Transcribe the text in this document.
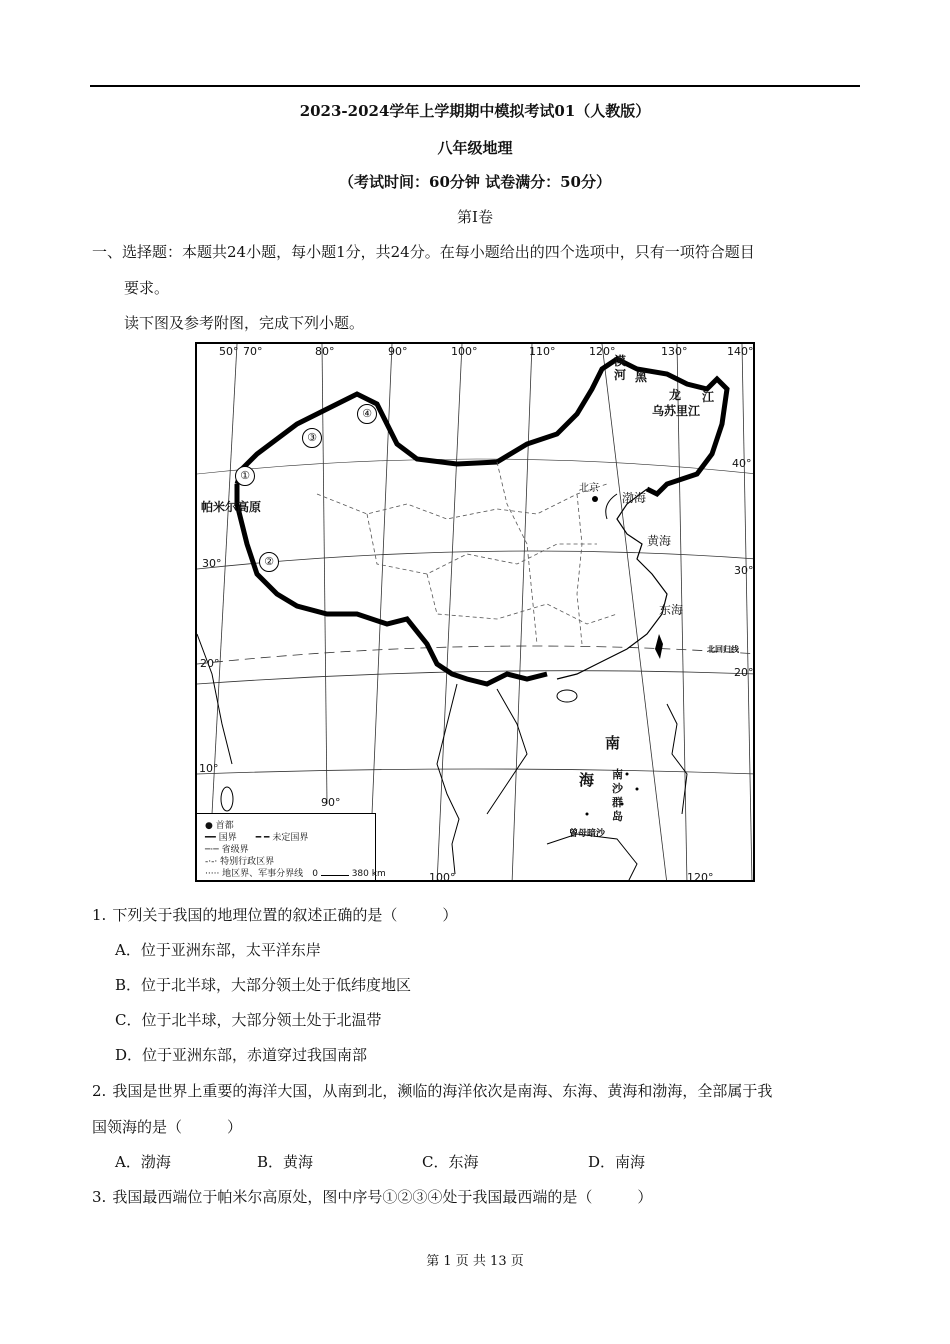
2023-2024学年上学期期中模拟考试01（人教版）
八年级地理
（考试时间：60分钟 试卷满分：50分）
第Ⅰ卷
一、选择题：本题共24小题，每小题1分，共24分。在每小题给出的四个选项中，只有一项符合题目
要求。
读下图及参考附图，完成下列小题。
50° 70°	80°	90°	100°	110°	120°	130°	140°
40°
30°
30°
20°
20°
10°
90°
100°	120°
漠
河 黑
龙 江
乌苏里江
北京
渤海
黄海
东海
帕米尔高原
北回归线
南
海 南
沙
群
岛
曾母暗沙
①
②
③
④
● 首都
━━ 国界　 ━ ━ 未定国界
─·─ 省级界
-·-· 特别行政区界
····· 地区界、军事分界线　 0	380 km
1. 下列关于我国的地理位置的叙述正确的是（　　　）
A．位于亚洲东部，太平洋东岸
B．位于北半球，大部分领土处于低纬度地区
C．位于北半球，大部分领土处于北温带
D．位于亚洲东部，赤道穿过我国南部
2. 我国是世界上重要的海洋大国，从南到北，濒临的海洋依次是南海、东海、黄海和渤海，全部属于我
国领海的是（　　　）
A．渤海	B．黄海	C．东海	D．南海
3. 我国最西端位于帕米尔高原处，图中序号①②③④处于我国最西端的是（　　　）
第 1 页 共 13 页
